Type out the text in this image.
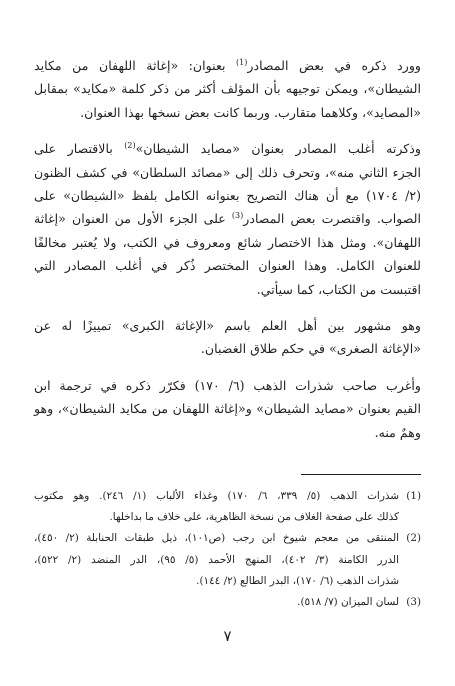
وورد ذكره في بعض المصادر$^{(1)}$ بعنوان: «إغاثة اللهفان من مكايد
الشيطان»، ويمكن توجيهه بأن المؤلف أكثر من ذكر كلمة «مكايد» بمقابل
«المصايد»، وكلاهما متقارب. وربما كانت بعض نسخها بهذا العنوان.

وذكرته أغلب المصادر بعنوان «مصايد الشيطان»$^{(2)}$ بالاقتصار على
الجزء الثاني منه»، وتحرف ذلك إلى «مصائد السلطان» في كشف الظنون
(٢/ ١٧٠٤) مع أن هناك التصريح بعنوانه الكامل بلفظ «الشيطان» على
الصواب. واقتصرت بعض المصادر$^{(3)}$ على الجزء الأول من العنوان «إغاثة
اللهفان». ومثل هذا الاختصار شائع ومعروف في الكتب، ولا يُعتبر مخالفًا
للعنوان الكامل. وهذا العنوان المختصر ذُكر في أغلب المصادر التي
اقتبست من الكتاب، كما سيأتي.

وهو مشهور بين أهل العلم باسم «الإغاثة الكبرى» تمييزًا له عن
«الإغاثة الصغرى» في حكم طلاق الغضبان.

وأغرب صاحب شذرات الذهب (٦/ ١٧٠) فكرّر ذكره في ترجمة ابن
القيم بعنوان «مصايد الشيطان» و«إغاثة اللهفان من مكايد الشيطان»، وهو
وهمٌ منه.

(1)
شذرات الذهب (٥/ ٣٣٩، ٦/ ١٧٠) وغذاء الألباب (١/ ٢٤٦). وهو مكتوب
كذلك على صفحة الغلاف من نسخة الظاهرية، على خلاف ما بداخلها.
(2)
المنتقى من معجم شيوخ ابن رجب (ص١٠١)، ذيل طبقات الحنابلة (٢/ ٤٥٠)،
الدرر الكامنة (٣/ ٤٠٢)، المنهج الأحمد (٥/ ٩٥)، الدر المنضد (٢/ ٥٢٢)،
شذرات الذهب (٦/ ١٧٠)، البدر الطالع (٢/ ١٤٤).
(3)
لسان الميزان (٧/ ٥١٨).
٧
